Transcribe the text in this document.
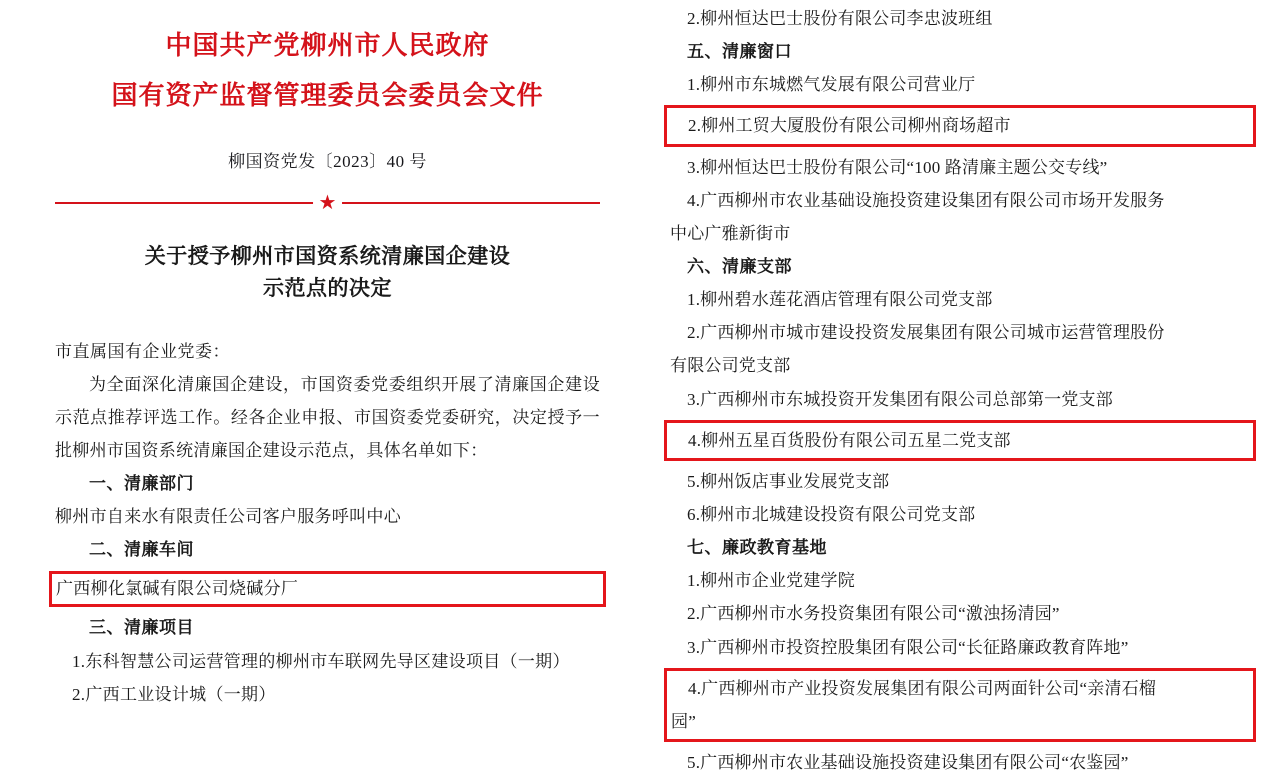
中国共产党柳州市人民政府
国有资产监督管理委员会委员会文件
柳国资党发〔2023〕40 号
★
关于授予柳州市国资系统清廉国企建设
示范点的决定
市直属国有企业党委：
为全面深化清廉国企建设，市国资委党委组织开展了清廉国企建设示范点推荐评选工作。经各企业申报、市国资委党委研究，决定授予一批柳州市国资系统清廉国企建设示范点，具体名单如下：
一、清廉部门
柳州市自来水有限责任公司客户服务呼叫中心
二、清廉车间
广西柳化氯碱有限公司烧碱分厂
三、清廉项目
1.东科智慧公司运营管理的柳州市车联网先导区建设项目（一期）
2.广西工业设计城（一期）
2.柳州恒达巴士股份有限公司李忠波班组
五、清廉窗口
1.柳州市东城燃气发展有限公司营业厅
2.柳州工贸大厦股份有限公司柳州商场超市
3.柳州恒达巴士股份有限公司“100 路清廉主题公交专线”
4.广西柳州市农业基础设施投资建设集团有限公司市场开发服务
中心广雅新街市
六、清廉支部
1.柳州碧水莲花酒店管理有限公司党支部
2.广西柳州市城市建设投资发展集团有限公司城市运营管理股份
有限公司党支部
3.广西柳州市东城投资开发集团有限公司总部第一党支部
4.柳州五星百货股份有限公司五星二党支部
5.柳州饭店事业发展党支部
6.柳州市北城建设投资有限公司党支部
七、廉政教育基地
1.柳州市企业党建学院
2.广西柳州市水务投资集团有限公司“激浊扬清园”
3.广西柳州市投资控股集团有限公司“长征路廉政教育阵地”
4.广西柳州市产业投资发展集团有限公司两面针公司“亲清石榴
园”
5.广西柳州市农业基础设施投资建设集团有限公司“农鉴园”
